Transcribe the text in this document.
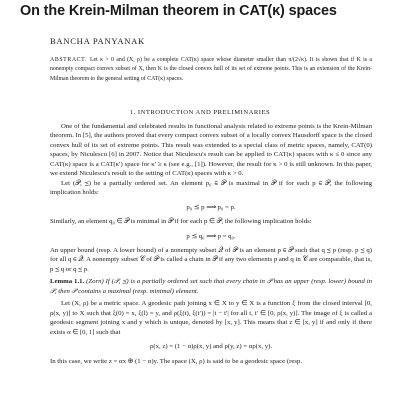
On the Krein-Milman theorem in CAT(κ) spaces
BANCHA PANYANAK

ABSTRACT. Let κ > 0 and (X, ρ) be a complete CAT(κ) space whose diameter smaller than π/(2√κ). It is shown that if K is a nonempty compact convex subset of X, then K is the closed convex hull of its set of extreme points. This is an extension of the Krein-Milman theorem to the general setting of CAT(κ) spaces.

1. INTRODUCTION AND PRELIMINARIES

One of the fundamental and celebrated results in functional analysis related to extreme points is the Krein-Milman theorem. In [5], the authors proved that every compact convex subset of a locally convex Hausdorff space is the closed convex hull of its set of extreme points. This result was extended to a special class of metric spaces, namely, CAT(0) spaces, by Niculescu [6] in 2007. Notice that Niculescu's result can be applied to CAT(κ) spaces with κ ≤ 0 since any CAT(κ) space is a CAT(κ′) space for κ′ ≥ κ (see e.g., [1]). However, the result for κ > 0 is still unknown. In this paper, we extend Niculescu's result to the setting of CAT(κ) spaces with κ > 0.

Let (𝒫, ⪯) be a partially ordered set. An element p₀ ∈ 𝒫 is maximal in 𝒫 if for each p ∈ 𝒫, the following implication holds:

p₀ ⪯ p ⟹ p₀ = p.

Similarly, an element q₀ ∈ 𝒫 is minimal in 𝒫 if for each p ∈ 𝒫, the following implication holds:

p ⪯ q₀ ⟹ p = q₀.

An upper bound (resp. A lower bound) of a nonempty subset 𝒬 of 𝒫 is an element p ∈ 𝒫 such that q ⪯ p (resp. p ⪯ q) for all q ∈ 𝒬. A nonempty subset 𝒞 of 𝒫 is called a chain in 𝒫 if any two elements p and q in 𝒞 are comparable, that is, p ⪯ q or q ⪯ p.

Lemma 1.1. (Zorn) If (𝒫, ⪯) is a partially ordered set such that every chain in 𝒫 has an upper (resp. lower) bound in 𝒫, then 𝒫 contains a maximal (resp. minimal) element.

Let (X, ρ) be a metric space. A geodesic path joining x ∈ X to y ∈ X is a function ξ from the closed interval [0, ρ(x, y)] to X such that ξ(0) = x, ξ(l) = y, and ρ(ξ(t), ξ(t′)) = |t − t′| for all t, t′ ∈ [0, ρ(x, y)]. The image of ξ is called a geodesic segment joining x and y which is unique, denoted by [x, y]. This means that z ∈ [x, y] if and only if there exists α ∈ [0, 1] such that

ρ(x, z) = (1 − α)ρ(x, y) and ρ(y, z) = αρ(x, y).

In this case, we write z = αx ⊕ (1 − α)y. The space (X, ρ) is said to be a geodesic space (resp.
